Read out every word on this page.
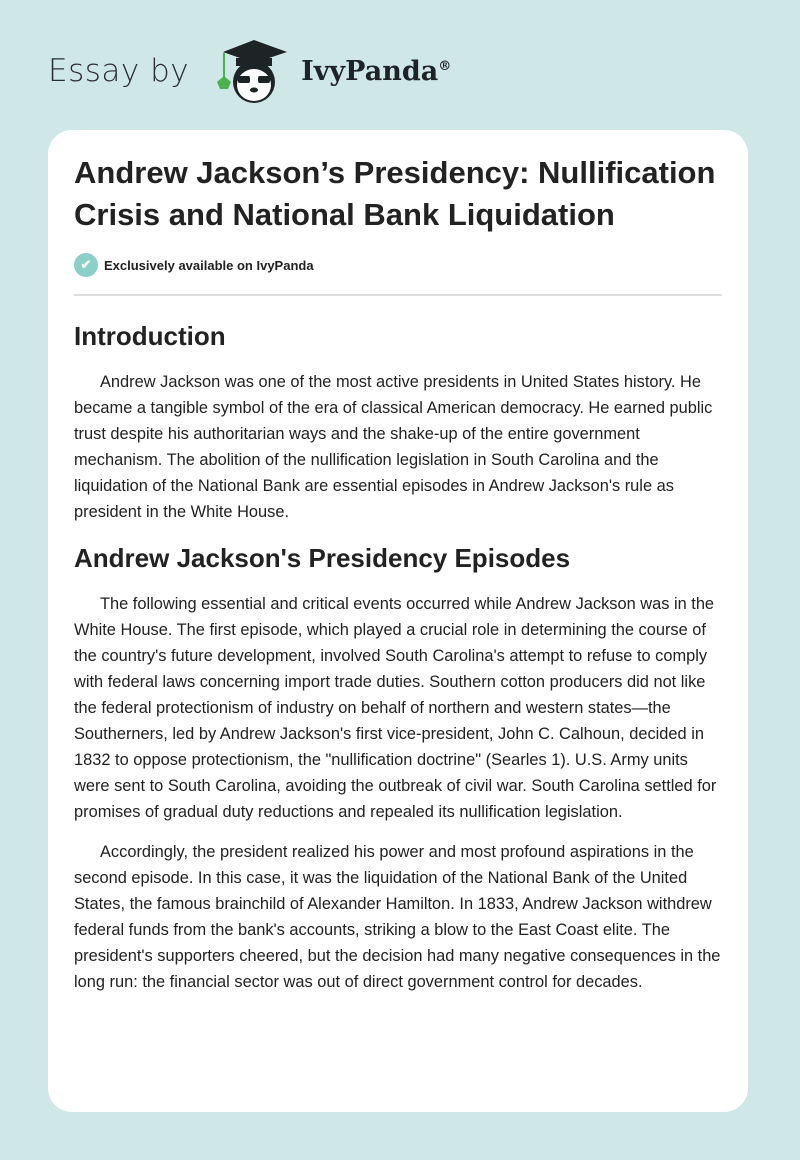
Essay by	IvyPanda®
Andrew Jackson’s Presidency: Nullification Crisis and National Bank Liquidation
✔ Exclusively available on IvyPanda
Introduction

Andrew Jackson was one of the most active presidents in United States history. He became a tangible symbol of the era of classical American democracy. He earned public trust despite his authoritarian ways and the shake-up of the entire government mechanism. The abolition of the nullification legislation in South Carolina and the liquidation of the National Bank are essential episodes in Andrew Jackson's rule as president in the White House.

Andrew Jackson's Presidency Episodes

The following essential and critical events occurred while Andrew Jackson was in the White House. The first episode, which played a crucial role in determining the course of the country's future development, involved South Carolina's attempt to refuse to comply with federal laws concerning import trade duties. Southern cotton producers did not like the federal protectionism of industry on behalf of northern and western states—the Southerners, led by Andrew Jackson's first vice-president, John C. Calhoun, decided in 1832 to oppose protectionism, the "nullification doctrine" (Searles 1). U.S. Army units were sent to South Carolina, avoiding the outbreak of civil war. South Carolina settled for promises of gradual duty reductions and repealed its nullification legislation.

Accordingly, the president realized his power and most profound aspirations in the second episode. In this case, it was the liquidation of the National Bank of the United States, the famous brainchild of Alexander Hamilton. In 1833, Andrew Jackson withdrew federal funds from the bank's accounts, striking a blow to the East Coast elite. The president's supporters cheered, but the decision had many negative consequences in the long run: the financial sector was out of direct government control for decades.
